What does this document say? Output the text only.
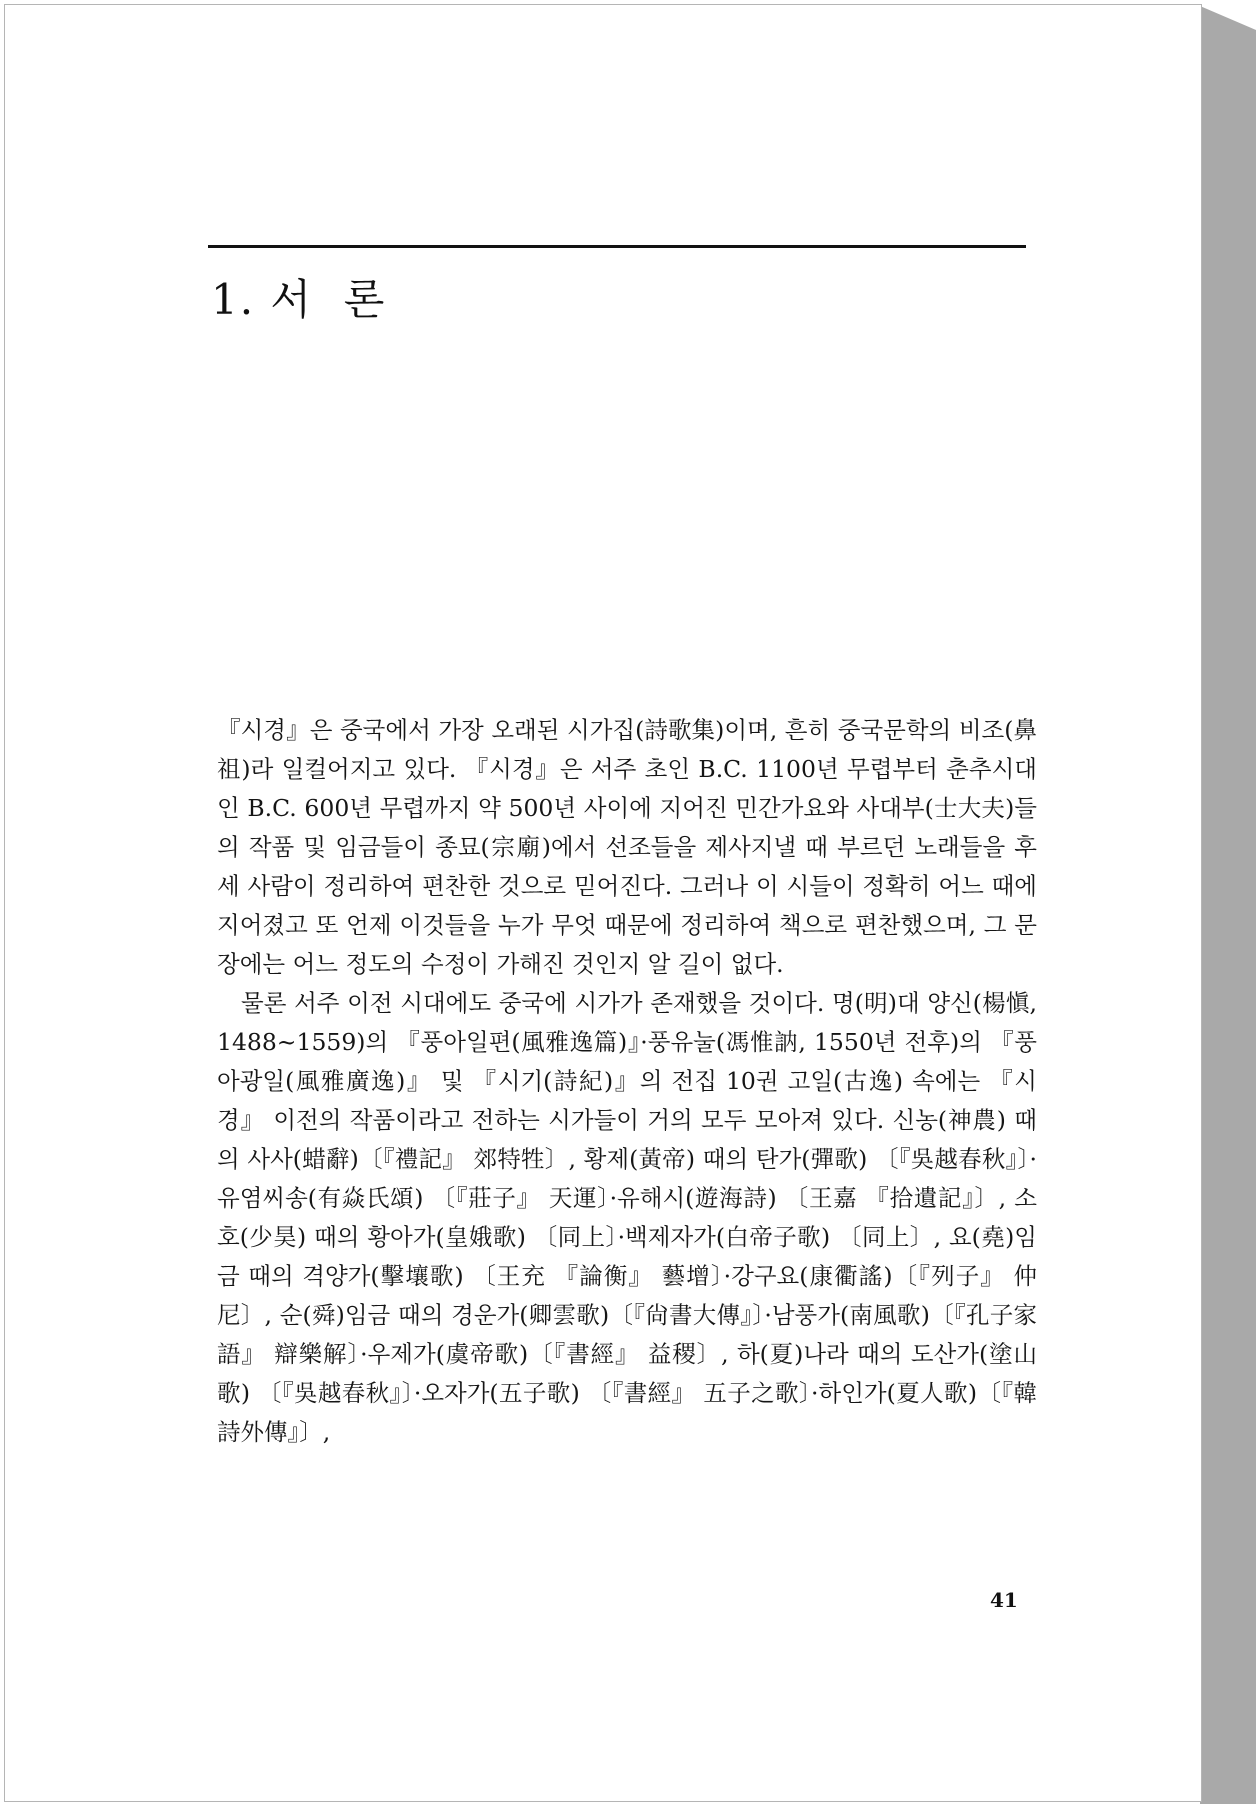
1. 서  론

『시경』은 중국에서 가장 오래된 시가집(詩歌集)이며, 흔히 중국문학의 비조(鼻祖)라 일컬어지고 있다. 『시경』은 서주 초인 B.C. 1100년 무렵부터 춘추시대인 B.C. 600년 무렵까지 약 500년 사이에 지어진 민간가요와 사대부(士大夫)들의 작품 및 임금들이 종묘(宗廟)에서 선조들을 제사지낼 때 부르던 노래들을 후세 사람이 정리하여 편찬한 것으로 믿어진다. 그러나 이 시들이 정확히 어느 때에 지어졌고 또 언제 이것들을 누가 무엇 때문에 정리하여 책으로 편찬했으며, 그 문장에는 어느 정도의 수정이 가해진 것인지 알 길이 없다.

물론 서주 이전 시대에도 중국에 시가가 존재했을 것이다. 명(明)대 양신(楊愼, 1488~1559)의 『풍아일편(風雅逸篇)』·풍유눌(馮惟訥, 1550년 전후)의 『풍아광일(風雅廣逸)』 및 『시기(詩紀)』의 전집 10권 고일(古逸) 속에는 『시경』 이전의 작품이라고 전하는 시가들이 거의 모두 모아져 있다. 신농(神農) 때의 사사(蜡辭)〔『禮記』 郊特牲〕, 황제(黃帝) 때의 탄가(彈歌) 〔『吳越春秋』〕·유염씨송(有焱氏頌) 〔『莊子』 天運〕·유해시(遊海詩) 〔王嘉 『拾遺記』〕, 소호(少昊) 때의 황아가(皇娥歌) 〔同上〕·백제자가(白帝子歌) 〔同上〕, 요(堯)임금 때의 격양가(擊壤歌) 〔王充 『論衡』 藝增〕·강구요(康衢謠)〔『列子』 仲尼〕, 순(舜)임금 때의 경운가(卿雲歌)〔『尙書大傳』〕·남풍가(南風歌)〔『孔子家語』 辯樂解〕·우제가(虞帝歌)〔『書經』 益稷〕, 하(夏)나라 때의 도산가(塗山歌) 〔『吳越春秋』〕·오자가(五子歌) 〔『書經』 五子之歌〕·하인가(夏人歌)〔『韓詩外傳』〕,

41
